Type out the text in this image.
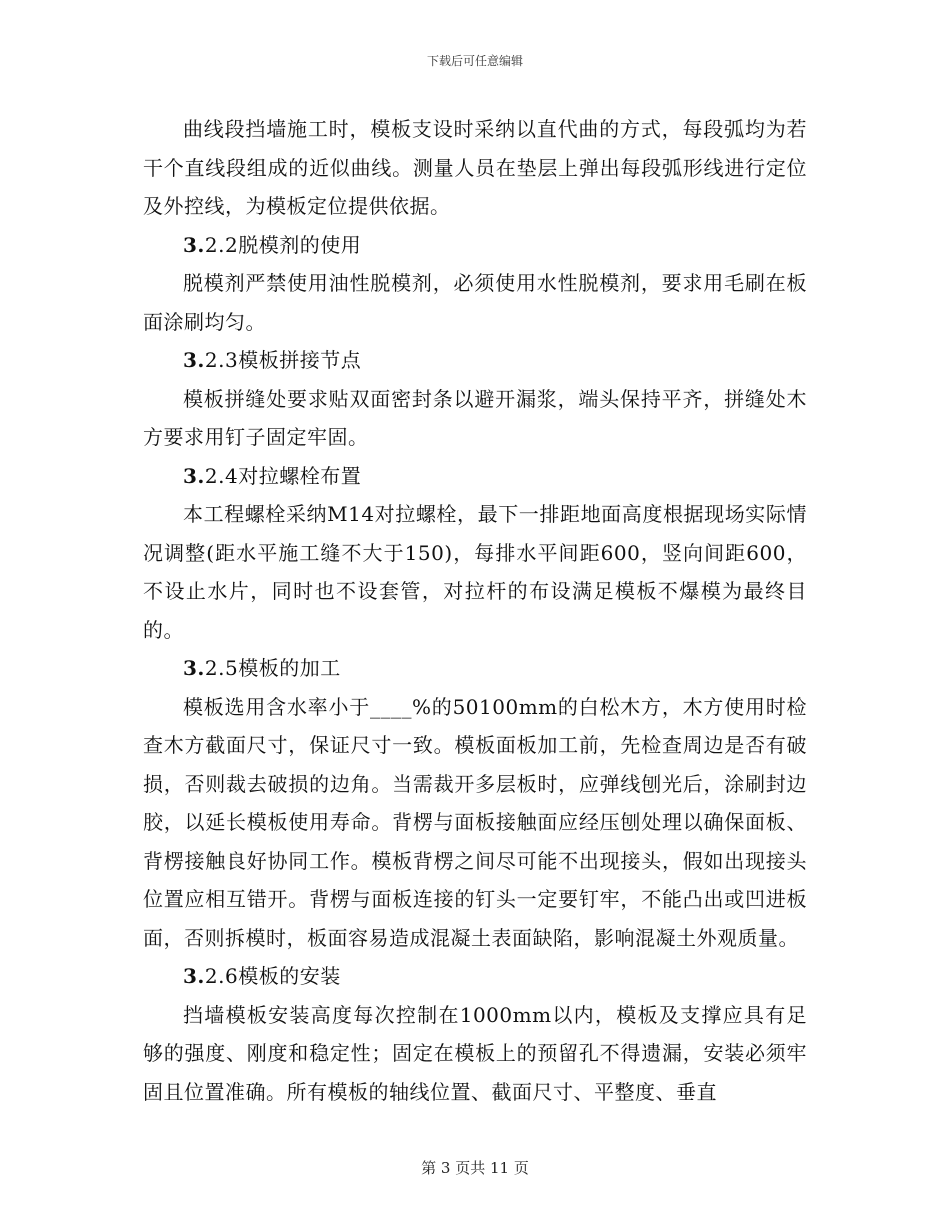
下载后可任意编辑

曲线段挡墙施工时，模板支设时采纳以直代曲的方式，每段弧均为若干个直线段组成的近似曲线。测量人员在垫层上弹出每段弧形线进行定位及外控线，为模板定位提供依据。

3.2.2脱模剂的使用

脱模剂严禁使用油性脱模剂，必须使用水性脱模剂，要求用毛刷在板面涂刷均匀。

3.2.3模板拼接节点

模板拼缝处要求贴双面密封条以避开漏浆，端头保持平齐，拼缝处木方要求用钉子固定牢固。

3.2.4对拉螺栓布置

本工程螺栓采纳M14对拉螺栓，最下一排距地面高度根据现场实际情况调整(距水平施工缝不大于150)，每排水平间距600，竖向间距600，不设止水片，同时也不设套管，对拉杆的布设满足模板不爆模为最终目的。

3.2.5模板的加工

模板选用含水率小于____%的50100mm的白松木方，木方使用时检查木方截面尺寸，保证尺寸一致。模板面板加工前，先检查周边是否有破损，否则裁去破损的边角。当需裁开多层板时，应弹线刨光后，涂刷封边胶，以延长模板使用寿命。背楞与面板接触面应经压刨处理以确保面板、背楞接触良好协同工作。模板背楞之间尽可能不出现接头，假如出现接头位置应相互错开。背楞与面板连接的钉头一定要钉牢，不能凸出或凹进板面，否则拆模时，板面容易造成混凝土表面缺陷，影响混凝土外观质量。

3.2.6模板的安装

挡墙模板安装高度每次控制在1000mm以内，模板及支撑应具有足够的强度、刚度和稳定性；固定在模板上的预留孔不得遗漏，安装必须牢固且位置准确。所有模板的轴线位置、截面尺寸、平整度、垂直

第 3 页共 11 页
